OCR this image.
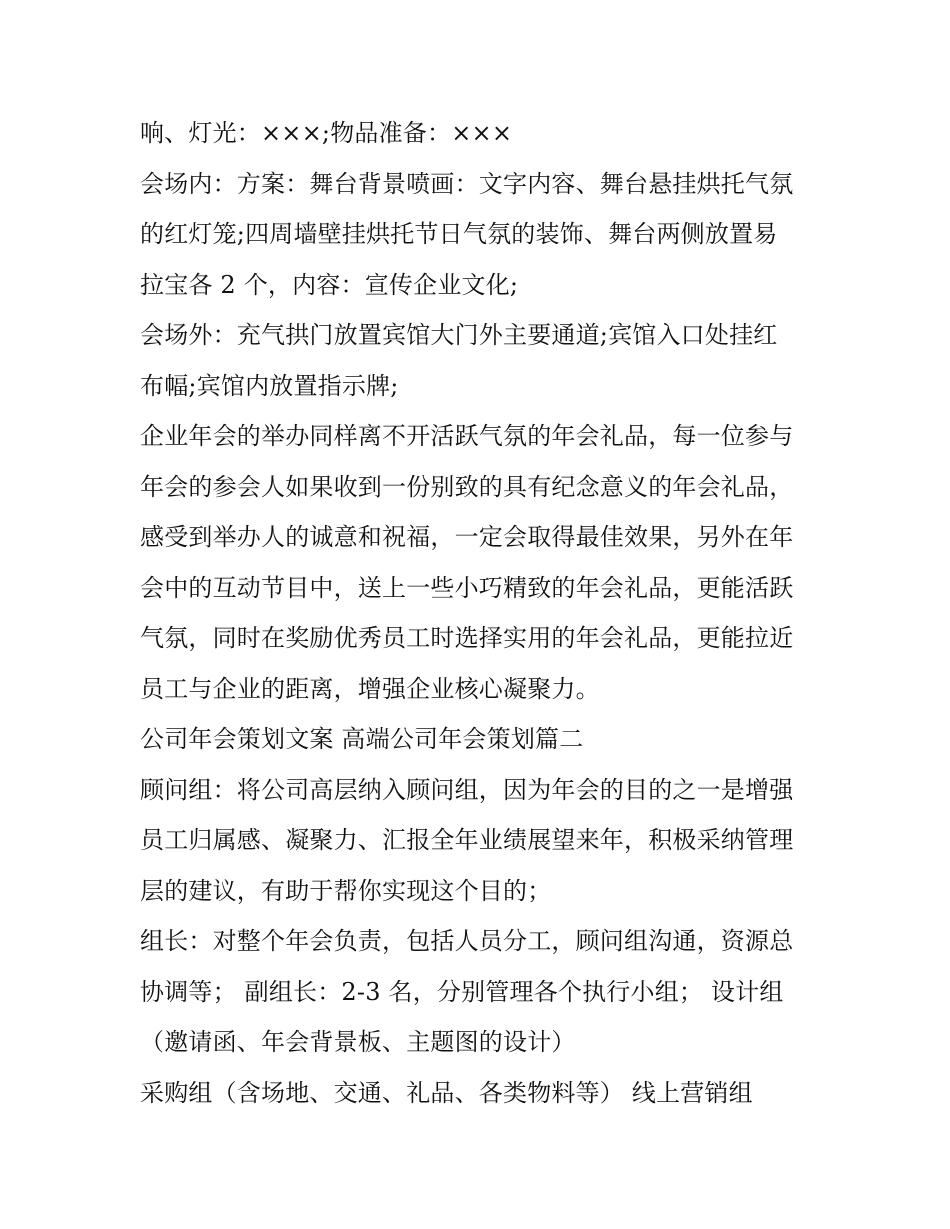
响、灯光：×××;物品准备：×××
会场内：方案：舞台背景喷画：文字内容、舞台悬挂烘托气氛
的红灯笼;四周墙壁挂烘托节日气氛的装饰、舞台两侧放置易
拉宝各 2 个，内容：宣传企业文化;
会场外：充气拱门放置宾馆大门外主要通道;宾馆入口处挂红
布幅;宾馆内放置指示牌;
企业年会的举办同样离不开活跃气氛的年会礼品，每一位参与
年会的参会人如果收到一份别致的具有纪念意义的年会礼品，
感受到举办人的诚意和祝福，一定会取得最佳效果，另外在年
会中的互动节目中，送上一些小巧精致的年会礼品，更能活跃
气氛，同时在奖励优秀员工时选择实用的年会礼品，更能拉近
员工与企业的距离，增强企业核心凝聚力。
公司年会策划文案 高端公司年会策划篇二
顾问组：将公司高层纳入顾问组，因为年会的目的之一是增强
员工归属感、凝聚力、汇报全年业绩展望来年，积极采纳管理
层的建议，有助于帮你实现这个目的；
组长：对整个年会负责，包括人员分工，顾问组沟通，资源总
协调等； 副组长：2-3 名，分别管理各个执行小组； 设计组
（邀请函、年会背景板、主题图的设计）
采购组（含场地、交通、礼品、各类物料等） 线上营销组
